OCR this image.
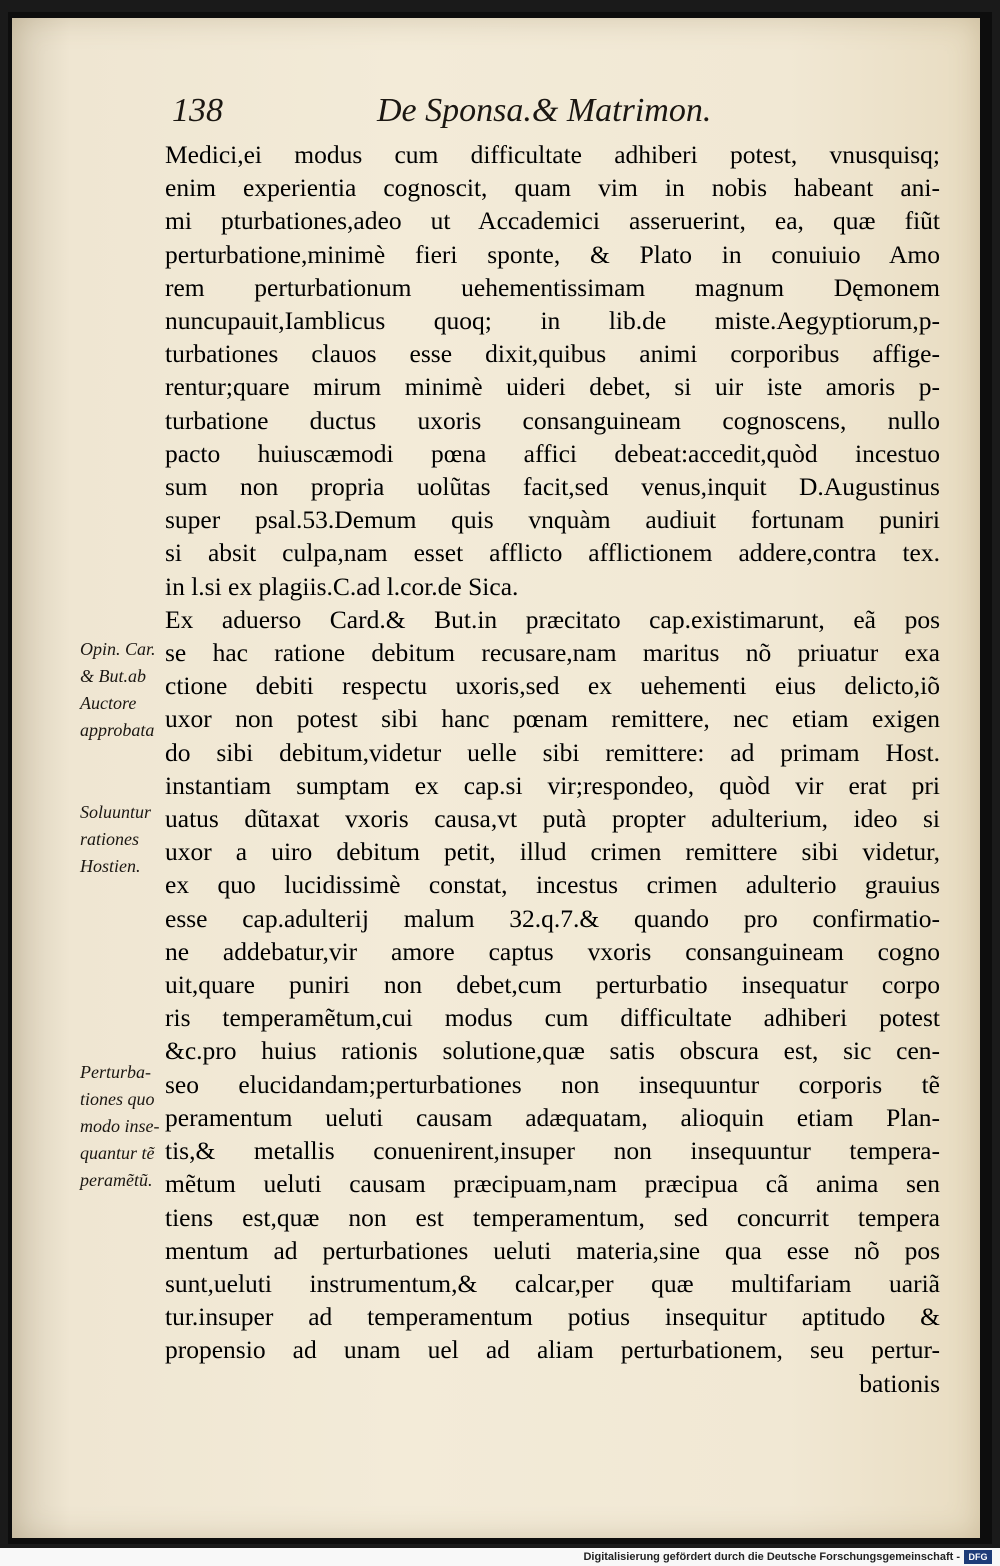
138	De Sponsa.& Matrimon.
Opin. Car.
& But.ab
Auctore
approbata
Soluuntur
rationes
Hostien.
Perturba-
tiones quo
modo inse-
quantur tẽ
peramẽtũ.
Medici,ei modus cum difficultate adhiberi potest, vnusquisq;
enim experientia cognoscit, quam vim in nobis habeant ani-
mi pturbationes,adeo ut Accademici asseruerint, ea, quæ fiũt
perturbatione,minimè fieri sponte, & Plato in conuiuio Amo
rem perturbationum uehementissimam magnum Dęmonem
nuncupauit,Iamblicus quoq; in lib.de miste.Aegyptiorum,p-
turbationes clauos esse dixit,quibus animi corporibus affige-
rentur;quare mirum minimè uideri debet, si uir iste amoris p-
turbatione ductus uxoris consanguineam cognoscens, nullo
pacto huiuscæmodi pœna affici debeat:accedit,quòd incestuo
sum non propria uolũtas facit,sed venus,inquit D.Augustinus
super psal.53.Demum quis vnquàm audiuit fortunam puniri
si absit culpa,nam esset afflicto afflictionem addere,contra tex.
in l.si ex plagiis.C.ad l.cor.de Sica.
Ex aduerso Card.& But.in præcitato cap.existimarunt, eã pos
se hac ratione debitum recusare,nam maritus nõ priuatur exa
ctione debiti respectu uxoris,sed ex uehementi eius delicto,iõ
uxor non potest sibi hanc pœnam remittere, nec etiam exigen
do sibi debitum,videtur uelle sibi remittere: ad primam Host.
instantiam sumptam ex cap.si vir;respondeo, quòd vir erat pri
uatus dũtaxat vxoris causa,vt putà propter adulterium, ideo si
uxor a uiro debitum petit, illud crimen remittere sibi videtur,
ex quo lucidissimè constat, incestus crimen adulterio grauius
esse cap.adulterij malum 32.q.7.& quando pro confirmatio-
ne addebatur,vir amore captus vxoris consanguineam cogno
uit,quare puniri non debet,cum perturbatio insequatur corpo
ris temperamẽtum,cui modus cum difficultate adhiberi potest
&c.pro huius rationis solutione,quæ satis obscura est, sic cen-
seo elucidandam;perturbationes non insequuntur corporis tẽ
peramentum ueluti causam adæquatam, alioquin etiam Plan-
tis,& metallis conuenirent,insuper non insequuntur tempera-
mẽtum ueluti causam præcipuam,nam præcipua cã anima sen
tiens est,quæ non est temperamentum, sed concurrit tempera
mentum ad perturbationes ueluti materia,sine qua esse nõ pos
sunt,ueluti instrumentum,& calcar,per quæ multifariam uariã
tur.insuper ad temperamentum potius insequitur aptitudo &
propensio ad unam uel ad aliam perturbationem, seu pertur-
bationis
Digitalisierung gefördert durch die Deutsche Forschungsgemeinschaft - DFG
